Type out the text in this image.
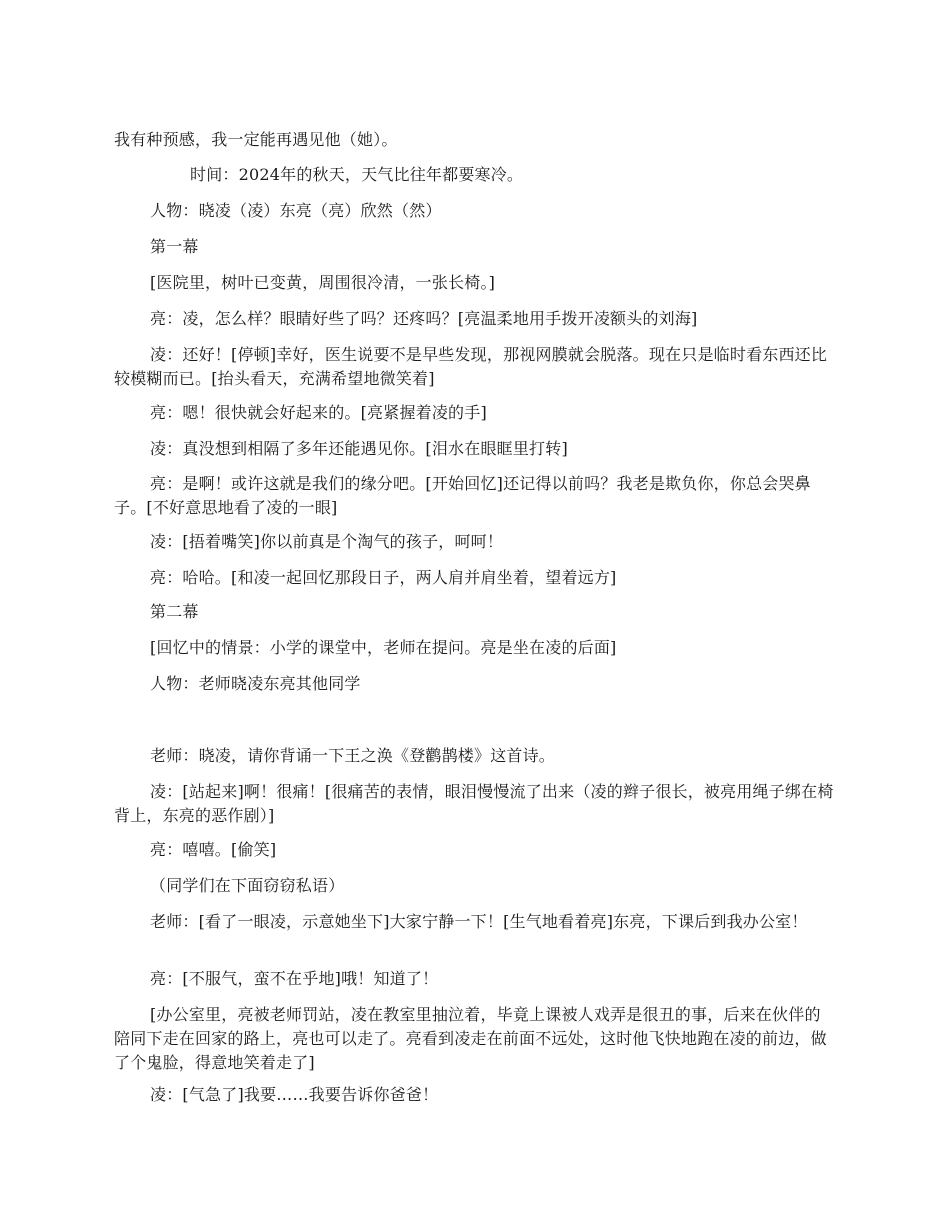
我有种预感，我一定能再遇见他（她）。

时间：2024年的秋天，天气比往年都要寒冷。

人物：晓凌（凌）东亮（亮）欣然（然）

第一幕

[医院里，树叶已变黄，周围很冷清，一张长椅。]

亮：凌，怎么样？眼睛好些了吗？还疼吗？[亮温柔地用手拨开凌额头的刘海]

凌：还好！[停顿]幸好，医生说要不是早些发现，那视网膜就会脱落。现在只是临时看东西还比较模糊而已。[抬头看天，充满希望地微笑着]

亮：嗯！很快就会好起来的。[亮紧握着凌的手]

凌：真没想到相隔了多年还能遇见你。[泪水在眼眶里打转]

亮：是啊！或许这就是我们的缘分吧。[开始回忆]还记得以前吗？我老是欺负你，你总会哭鼻子。[不好意思地看了凌的一眼]

凌：[捂着嘴笑]你以前真是个淘气的孩子，呵呵！

亮：哈哈。[和凌一起回忆那段日子，两人肩并肩坐着，望着远方]

第二幕

[回忆中的情景：小学的课堂中，老师在提问。亮是坐在凌的后面]

人物：老师晓凌东亮其他同学

老师：晓凌，请你背诵一下王之涣《登鹳鹊楼》这首诗。

凌：[站起来]啊！很痛！[很痛苦的表情，眼泪慢慢流了出来（凌的辫子很长，被亮用绳子绑在椅背上，东亮的恶作剧）]

亮：嘻嘻。[偷笑]

（同学们在下面窃窃私语）

老师：[看了一眼凌，示意她坐下]大家宁静一下！[生气地看着亮]东亮，下课后到我办公室！

亮：[不服气，蛮不在乎地]哦！知道了！

[办公室里，亮被老师罚站，凌在教室里抽泣着，毕竟上课被人戏弄是很丑的事，后来在伙伴的陪同下走在回家的路上，亮也可以走了。亮看到凌走在前面不远处，这时他飞快地跑在凌的前边，做了个鬼脸，得意地笑着走了]

凌：[气急了]我要……我要告诉你爸爸！
